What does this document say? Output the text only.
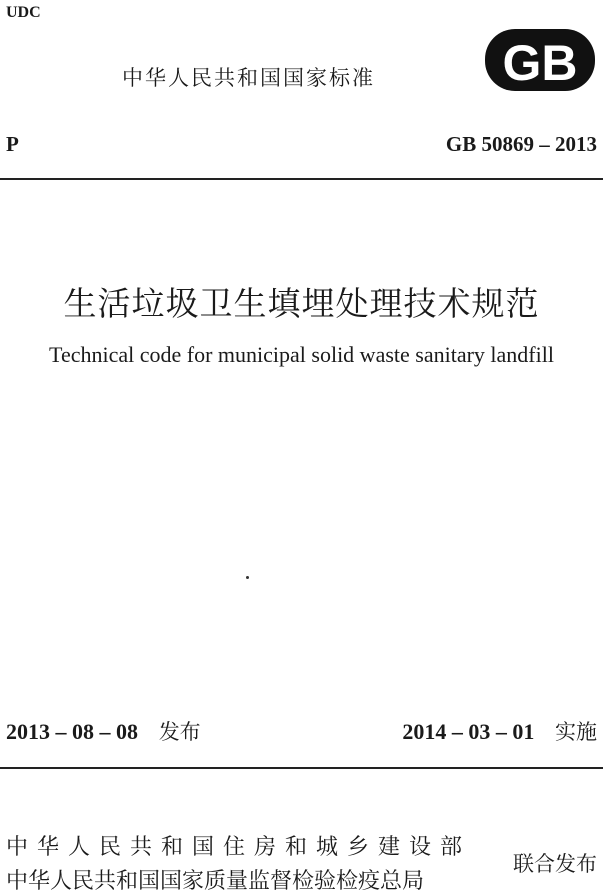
UDC
中华人民共和国国家标准	GB
P	GB 50869 – 2013
生活垃圾卫生填埋处理技术规范
Technical code for municipal solid waste sanitary landfill
2013 – 08 – 08 发布	2014 – 03 – 01 实施
中华人民共和国住房和城乡建设部
中华人民共和国国家质量监督检验检疫总局
联合发布
